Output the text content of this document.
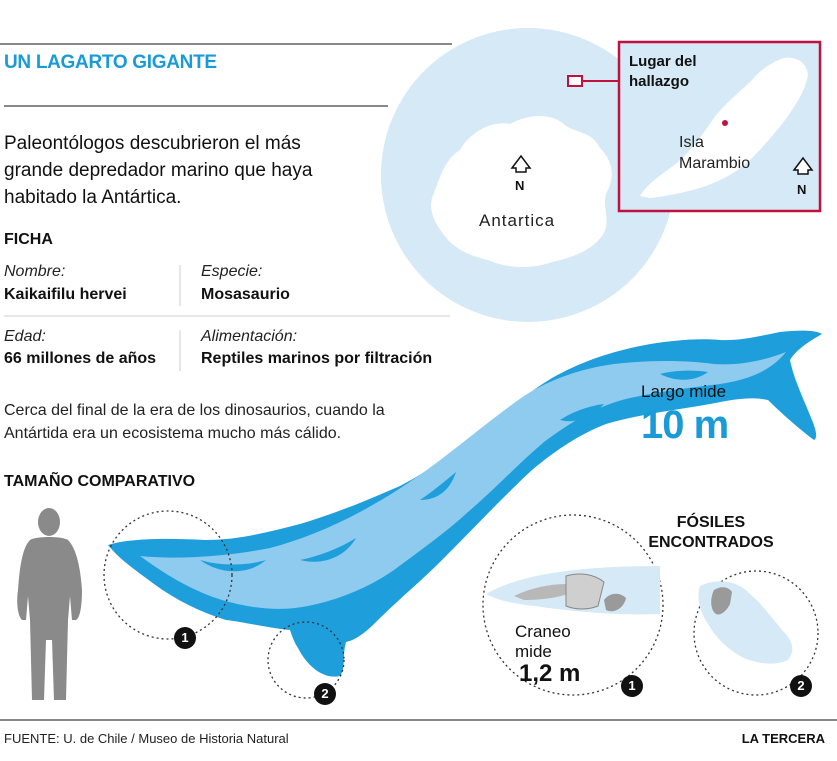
UN LAGARTO GIGANTE

Paleontólogos descubrieron el más grande depredador marino que haya habitado la Antártica.

FICHA

Nombre:

Kaikaifilu hervei

Especie:

Mosasaurio

Edad:

66 millones de años

Alimentación:

Reptiles marinos por filtración

Cerca del final de la era de los dinosaurios, cuando la Antártida era un ecosistema mucho más cálido.

Antartica

N

Lugar del hallazgo

Isla Marambio

N

TAMAÑO COMPARATIVO

Largo mide

10 m

1
2

FÓSILES ENCONTRADOS

Craneo mide

1,2 m	1	2

FUENTE: U. de Chile / Museo de Historia Natural	LA TERCERA
